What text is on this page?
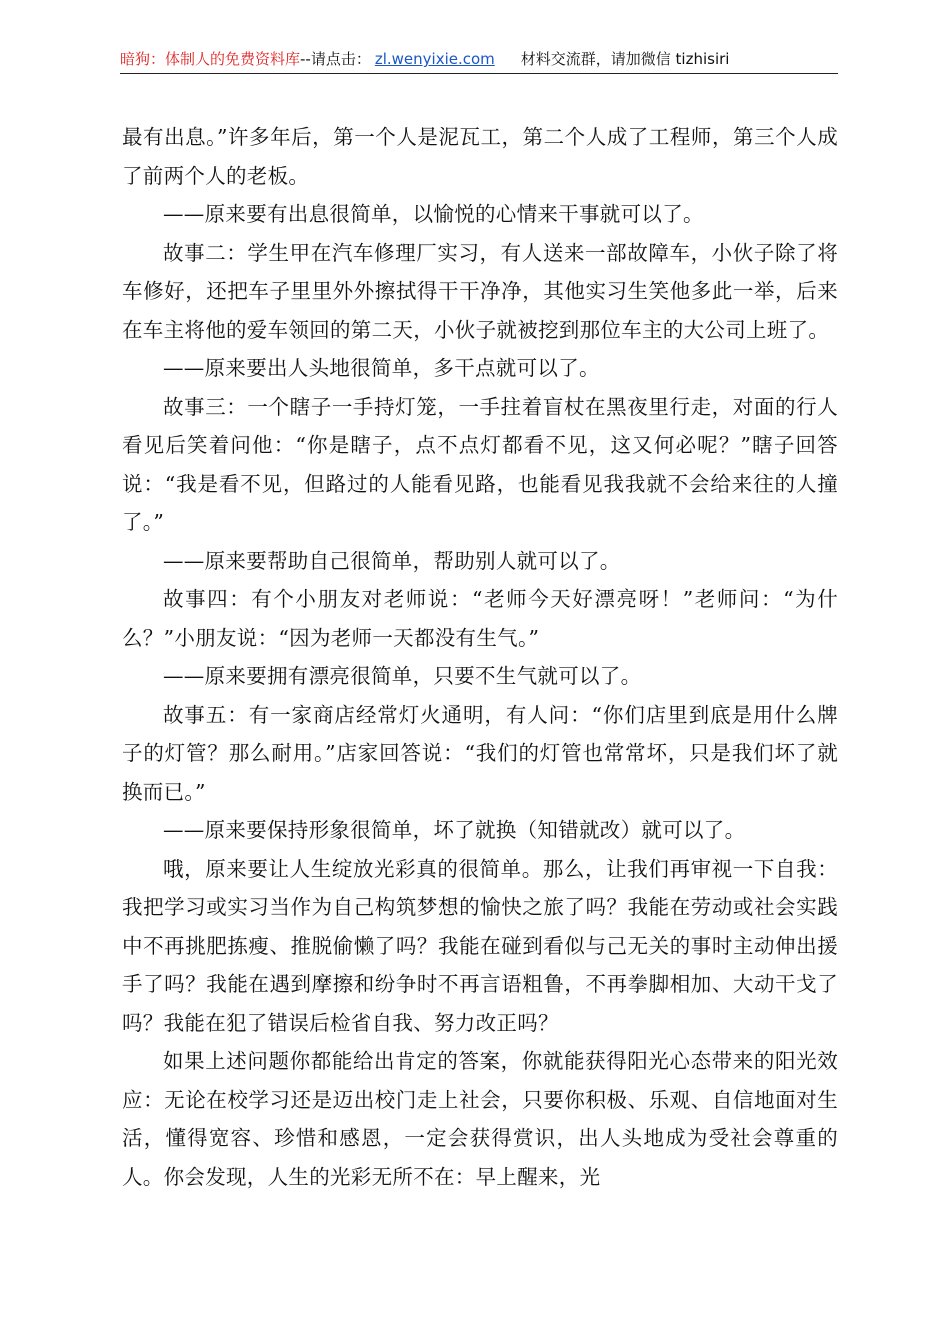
暗狗：体制人的免费资料库--请点击： zl.wenyixie.com 材料交流群，请加微信 tizhisiri

最有出息。”许多年后，第一个人是泥瓦工，第二个人成了工程师，第三个人成了前两个人的老板。

——原来要有出息很简单，以愉悦的心情来干事就可以了。

故事二：学生甲在汽车修理厂实习，有人送来一部故障车，小伙子除了将车修好，还把车子里里外外擦拭得干干净净，其他实习生笑他多此一举，后来在车主将他的爱车领回的第二天，小伙子就被挖到那位车主的大公司上班了。

——原来要出人头地很简单，多干点就可以了。

故事三：一个瞎子一手持灯笼，一手拄着盲杖在黑夜里行走，对面的行人看见后笑着问他：“你是瞎子，点不点灯都看不见，这又何必呢？”瞎子回答说：“我是看不见，但路过的人能看见路，也能看见我我就不会给来往的人撞了。”

——原来要帮助自己很简单，帮助别人就可以了。

故事四：有个小朋友对老师说：“老师今天好漂亮呀！”老师问：“为什么？”小朋友说：“因为老师一天都没有生气。”

——原来要拥有漂亮很简单，只要不生气就可以了。

故事五：有一家商店经常灯火通明，有人问：“你们店里到底是用什么牌子的灯管？那么耐用。”店家回答说：“我们的灯管也常常坏，只是我们坏了就换而已。”

——原来要保持形象很简单，坏了就换（知错就改）就可以了。

哦，原来要让人生绽放光彩真的很简单。那么，让我们再审视一下自我：我把学习或实习当作为自己构筑梦想的愉快之旅了吗？我能在劳动或社会实践中不再挑肥拣瘦、推脱偷懒了吗？我能在碰到看似与己无关的事时主动伸出援手了吗？我能在遇到摩擦和纷争时不再言语粗鲁，不再拳脚相加、大动干戈了吗？我能在犯了错误后检省自我、努力改正吗？

如果上述问题你都能给出肯定的答案，你就能获得阳光心态带来的阳光效应：无论在校学习还是迈出校门走上社会，只要你积极、乐观、自信地面对生活，懂得宽容、珍惜和感恩，一定会获得赏识，出人头地成为受社会尊重的人。你会发现，人生的光彩无所不在：早上醒来，光
